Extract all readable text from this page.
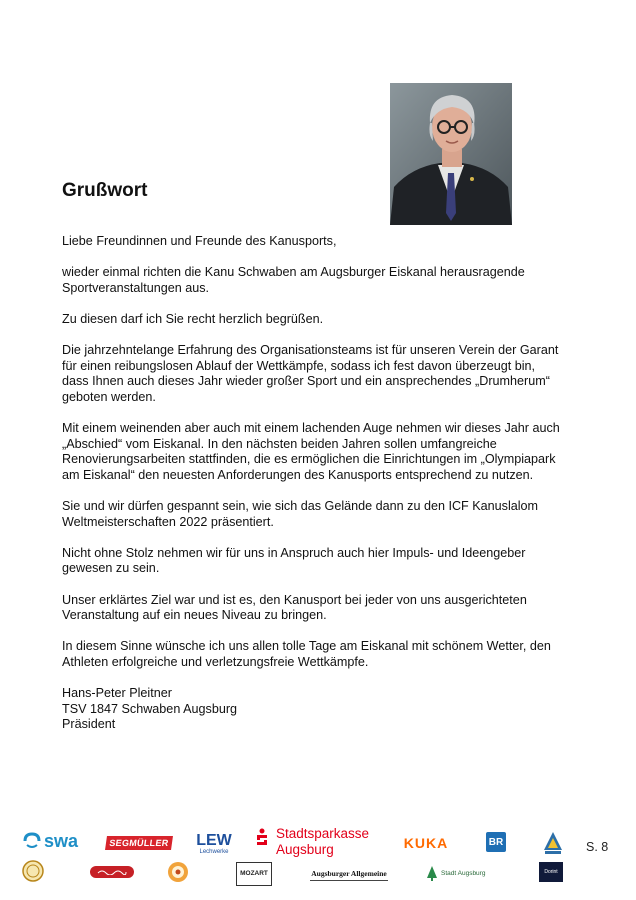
Grußwort

Liebe Freundinnen und Freunde des Kanusports,

wieder einmal richten die Kanu Schwaben am Augsburger Eiskanal herausragende
Sportveranstaltungen aus.

Zu diesen darf ich Sie recht herzlich begrüßen.

Die jahrzehntelange Erfahrung des Organisationsteams ist für unseren Verein der Garant
für einen reibungslosen Ablauf der Wettkämpfe, sodass ich fest davon überzeugt bin,
dass Ihnen auch dieses Jahr wieder großer Sport und ein ansprechendes „Drumherum“
geboten werden.

Mit einem weinenden aber auch mit einem lachenden Auge nehmen wir dieses Jahr auch
„Abschied“ vom Eiskanal. In den nächsten beiden Jahren sollen umfangreiche
Renovierungsarbeiten stattfinden, die es ermöglichen die Einrichtungen im „Olympiapark
am Eiskanal“ den neuesten Anforderungen des Kanusports entsprechend zu nutzen.

Sie und wir dürfen gespannt sein, wie sich das Gelände dann zu den ICF Kanuslalom
Weltmeisterschaften 2022 präsentiert.

Nicht ohne Stolz nehmen wir für uns in Anspruch auch hier Impuls- und Ideengeber
gewesen zu sein.

Unser erklärtes Ziel war und ist es, den Kanusport bei jeder von uns ausgerichteten
Veranstaltung auf ein neues Niveau zu bringen.

In diesem Sinne wünsche ich uns allen tolle Tage am Eiskanal mit schönem Wetter, den
Athleten erfolgreiche und verletzungsfreie Wettkämpfe.

Hans-Peter Pleitner
TSV 1847 Schwaben Augsburg
Präsident
swa	SEGMÜLLER LEW
Lechwerke
Stadtsparkasse
Augsburg	KUKA	BR
MOZART	Augsburger Allgemeine	Stadt Augsburg	Dorint
S. 8
